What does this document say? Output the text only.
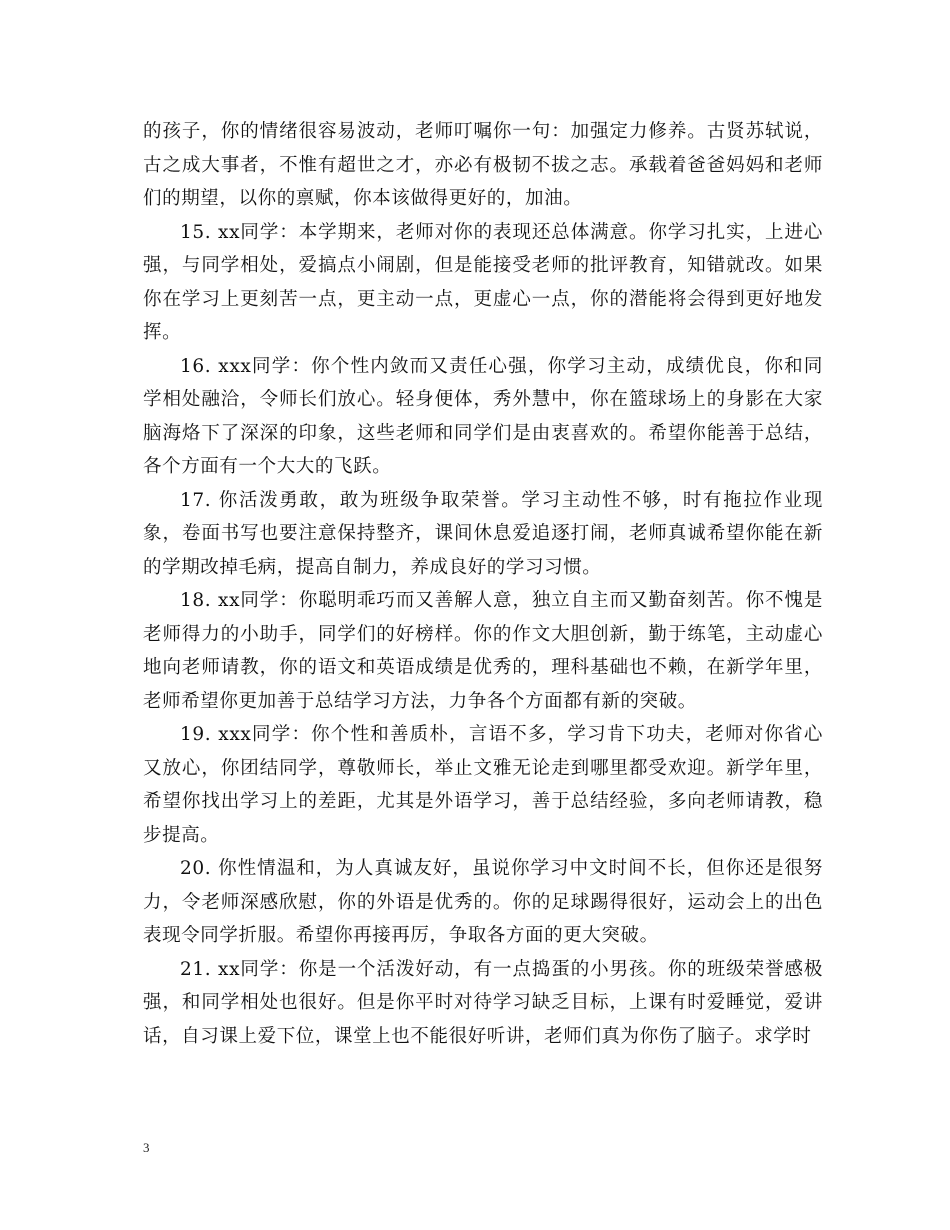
的孩子，你的情绪很容易波动，老师叮嘱你一句：加强定力修养。古贤苏轼说，古之成大事者，不惟有超世之才，亦必有极韧不拔之志。承载着爸爸妈妈和老师们的期望，以你的禀赋，你本该做得更好的，加油。

15. xx同学：本学期来，老师对你的表现还总体满意。你学习扎实，上进心强，与同学相处，爱搞点小闹剧，但是能接受老师的批评教育，知错就改。如果你在学习上更刻苦一点，更主动一点，更虚心一点，你的潜能将会得到更好地发挥。

16. xxx同学：你个性内敛而又责任心强，你学习主动，成绩优良，你和同学相处融洽，令师长们放心。轻身便体，秀外慧中，你在篮球场上的身影在大家脑海烙下了深深的印象，这些老师和同学们是由衷喜欢的。希望你能善于总结，各个方面有一个大大的飞跃。

17. 你活泼勇敢，敢为班级争取荣誉。学习主动性不够，时有拖拉作业现象，卷面书写也要注意保持整齐，课间休息爱追逐打闹，老师真诚希望你能在新的学期改掉毛病，提高自制力，养成良好的学习习惯。

18. xx同学：你聪明乖巧而又善解人意，独立自主而又勤奋刻苦。你不愧是老师得力的小助手，同学们的好榜样。你的作文大胆创新，勤于练笔，主动虚心地向老师请教，你的语文和英语成绩是优秀的，理科基础也不赖，在新学年里，老师希望你更加善于总结学习方法，力争各个方面都有新的突破。

19. xxx同学：你个性和善质朴，言语不多，学习肯下功夫，老师对你省心又放心，你团结同学，尊敬师长，举止文雅无论走到哪里都受欢迎。新学年里，希望你找出学习上的差距，尤其是外语学习，善于总结经验，多向老师请教，稳步提高。

20. 你性情温和，为人真诚友好，虽说你学习中文时间不长，但你还是很努力，令老师深感欣慰，你的外语是优秀的。你的足球踢得很好，运动会上的出色表现令同学折服。希望你再接再厉，争取各方面的更大突破。

21. xx同学：你是一个活泼好动，有一点捣蛋的小男孩。你的班级荣誉感极强，和同学相处也很好。但是你平时对待学习缺乏目标，上课有时爱睡觉，爱讲话，自习课上爱下位，课堂上也不能很好听讲，老师们真为你伤了脑子。求学时

3
